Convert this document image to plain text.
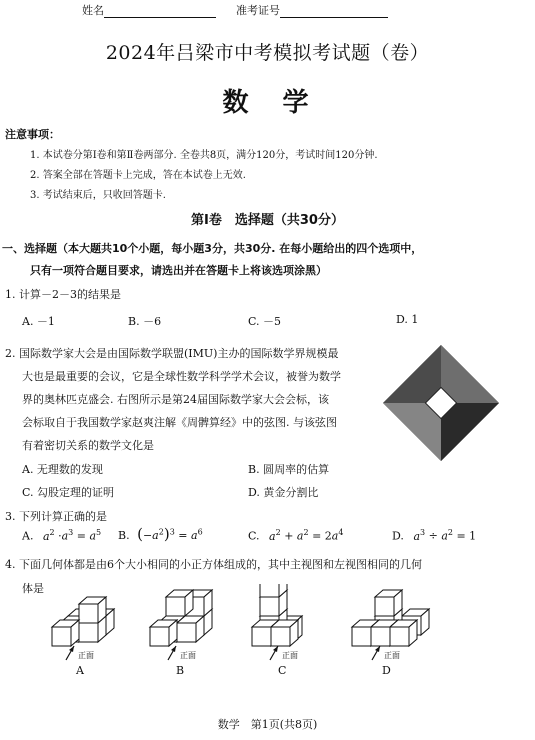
姓名	准考证号
2024年吕梁市中考模拟考试题（卷）
数　学
注意事项：
1. 本试卷分第Ⅰ卷和第Ⅱ卷两部分. 全卷共8页，满分120分，考试时间120分钟.
2. 答案全部在答题卡上完成，答在本试卷上无效.
3. 考试结束后，只收回答题卡.
第Ⅰ卷　选择题（共30分）
一、选择题（本大题共10个小题，每小题3分，共30分. 在每小题给出的四个选项中，
只有一项符合题目要求，请选出并在答题卡上将该选项涂黑）
1. 计算－2－3的结果是
A. －1	B. －6	C. －5	D. 1
2. 国际数学家大会是由国际数学联盟(IMU)主办的国际数学界规模最
大也是最重要的会议，它是全球性数学科学学术会议，被誉为数学
界的奥林匹克盛会. 右图所示是第24届国际数学家大会会标，该
会标取自于我国数学家赵爽注解《周髀算经》中的弦图. 与该弦图
有着密切关系的数学文化是
A. 无理数的发现	B. 圆周率的估算
C. 勾股定理的证明	D. 黄金分割比
3. 下列计算正确的是
A. $a^2 \cdot a^3 = a^5$ B. $(-a^2)^3 = a^6$	C. $a^2 + a^2 = 2a^4$	D. $a^3 \div a^2 = 1$
4. 下面几何体都是由6个大小相同的小正方体组成的，其中主视图和左视图相同的几何
体是
正面	正面	正面	正面
A	B	C	D
数学　第1页(共8页)
